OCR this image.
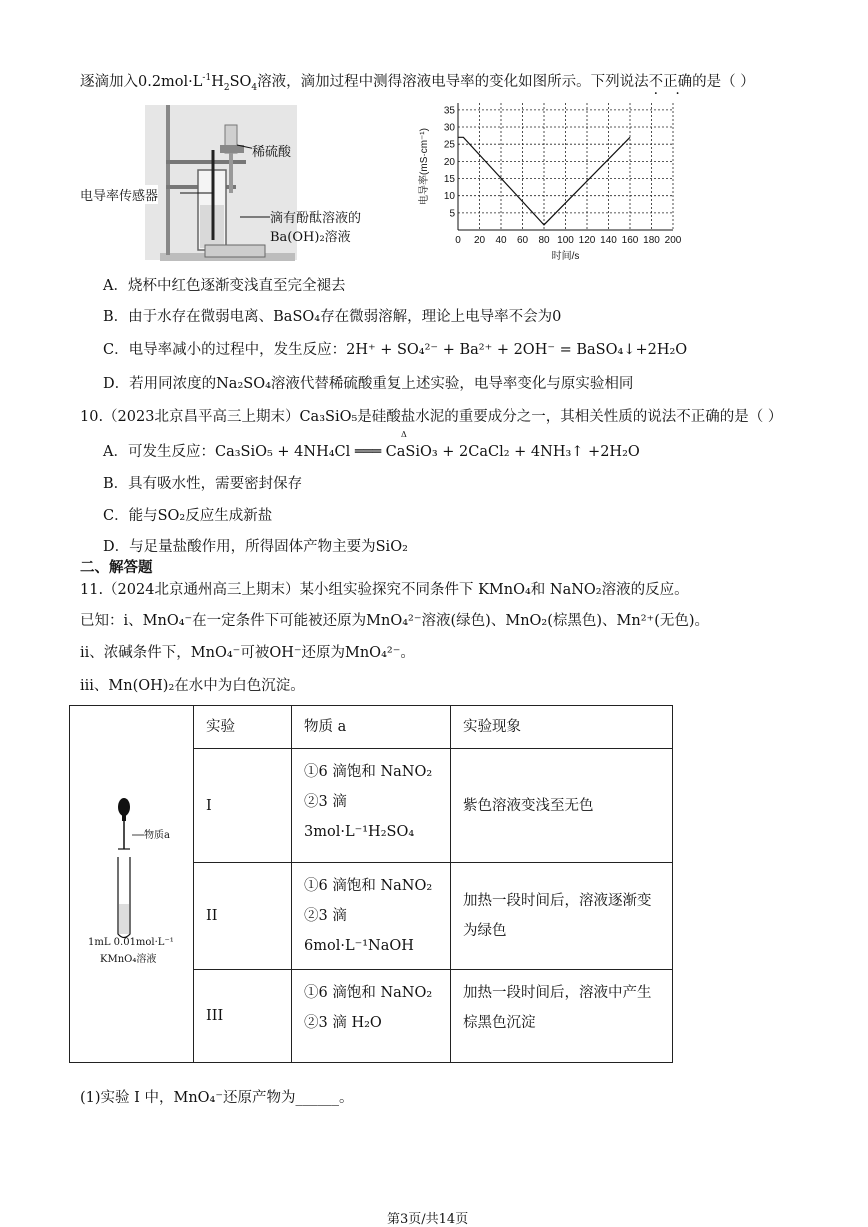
逐滴加入$0.2mol\cdot L^{-1}H_2SO_4$溶液，滴加过程中测得溶液电导率的变化如图所示。下列说法不正确的是（ ）
稀硫酸
电导率传感器
滴有酚酞溶液的
Ba(OH)₂溶液	0 20 40 60 80 100 120 140 160 180 200
5
10
15
20
25
30
35
时间/s
电导率(mS·cm⁻¹)
A．烧杯中红色逐渐变浅直至完全褪去
B．由于水存在微弱电离、BaSO₄存在微弱溶解，理论上电导率不会为0
C．电导率减小的过程中，发生反应：2H⁺ + SO₄²⁻ + Ba²⁺ + 2OH⁻ = BaSO₄↓+2H₂O
D．若用同浓度的Na₂SO₄溶液代替稀硫酸重复上述实验，电导率变化与原实验相同
10.（2023北京昌平高三上期末）Ca₃SiO₅是硅酸盐水泥的重要成分之一，其相关性质的说法不正确的是（ ）
A．可发生反应：Ca₃SiO₅ + 4NH₄Cl ═══ CaSiO₃ + 2CaCl₂ + 4NH₃↑ +2H₂O
Δ
B．具有吸水性，需要密封保存
C．能与SO₂反应生成新盐
D．与足量盐酸作用，所得固体产物主要为SiO₂
二、解答题
11.（2024北京通州高三上期末）某小组实验探究不同条件下 KMnO₄和 NaNO₂溶液的反应。
已知：i、MnO₄⁻在一定条件下可能被还原为MnO₄²⁻溶液(绿色)、MnO₂(棕黑色)、Mn²⁺(无色)。
ii、浓碱条件下，MnO₄⁻可被OH⁻还原为MnO₄²⁻。
iii、Mn(OH)₂在水中为白色沉淀。
物质a
1mL 0.01mol·L⁻¹
KMnO₄溶液	实验	物质 a	实验现象

	I	①6 滴饱和 NaNO₂
②3 滴
3mol·L⁻¹H₂SO₄	紫色溶液变浅至无色

	II	①6 滴饱和 NaNO₂
②3 滴
6mol·L⁻¹NaOH	加热一段时间后，溶液逐渐变为绿色

	III	①6 滴饱和 NaNO₂
②3 滴 H₂O	加热一段时间后，溶液中产生棕黑色沉淀
(1)实验 I 中，MnO₄⁻还原产物为______。
第3页/共14页
